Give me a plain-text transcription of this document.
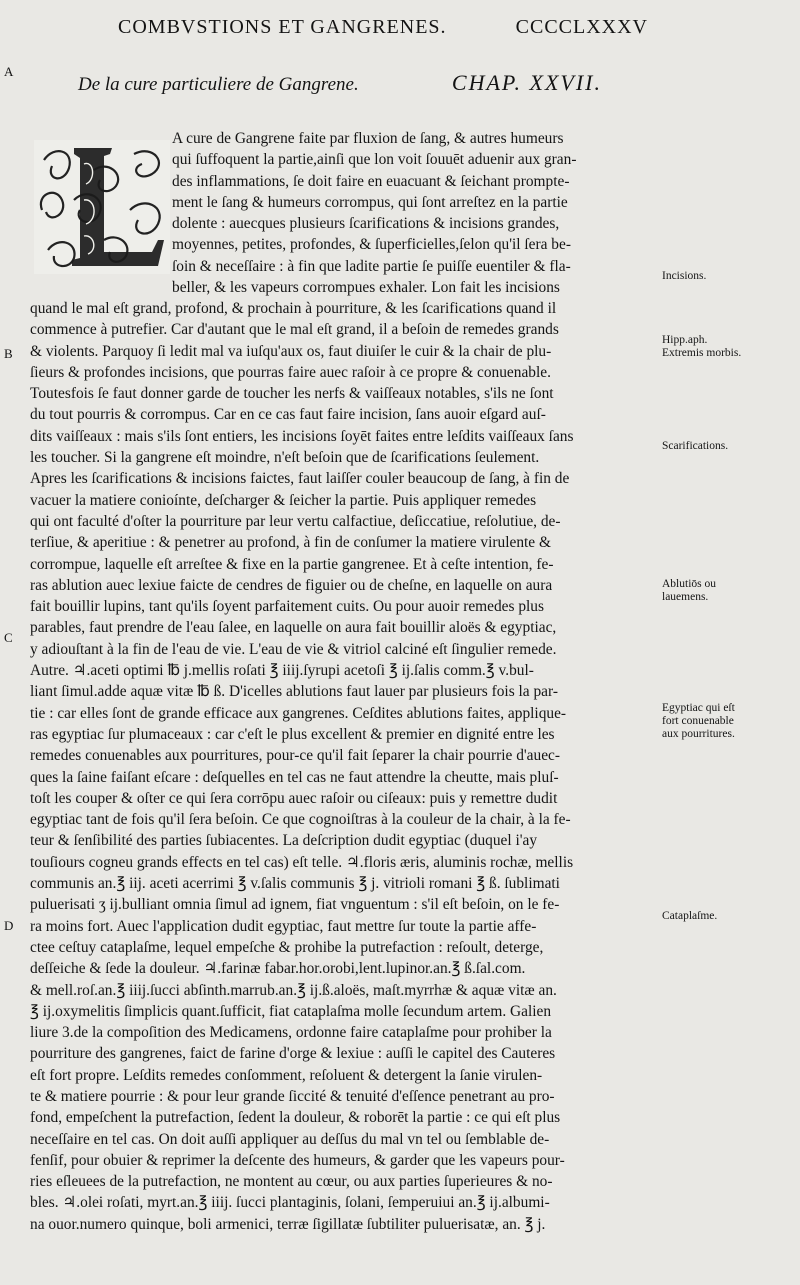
COMBVSTIONS ET GANGRENES.	CCCCLXXXV
A
B
C
D
De la cure particuliere de Gangrene.	CHAP. XXVII.
A cure de Gangrene faite par fluxion de ſang, & autres humeurs
qui ſuffoquent la partie,ainſi que lon voit ſouuēt aduenir aux gran-
des inflammations, ſe doit faire en euacuant & ſeichant prompte-
ment le ſang & humeurs corrompus, qui ſont arreſtez en la partie
dolente : auecques plusieurs ſcarifications & incisions grandes,
moyennes, petites, profondes, & ſuperficielles,ſelon qu'il ſera be-
ſoin & neceſſaire : à fin que ladite partie ſe puiſſe euentiler & fla-
beller, & les vapeurs corrompues exhaler. Lon fait les incisions
quand le mal eſt grand, profond, & prochain à pourriture, & les ſcarifications quand il
commence à putrefier. Car d'autant que le mal eſt grand, il a beſoin de remedes grands
& violents. Parquoy ſi ledit mal va iuſqu'aux os, faut diuiſer le cuir & la chair de plu-
ſieurs & profondes incisions, que pourras faire auec raſoir à ce propre & conuenable.
Toutesfois ſe faut donner garde de toucher les nerfs & vaiſſeaux notables, s'ils ne ſont
du tout pourris & corrompus. Car en ce cas faut faire incision, ſans auoir eſgard auſ-
dits vaiſſeaux : mais s'ils ſont entiers, les incisions ſoyēt faites entre leſdits vaiſſeaux ſans
les toucher. Si la gangrene eſt moindre, n'eſt beſoin que de ſcarifications ſeulement.
Apres les ſcarifications & incisions faictes, faut laiſſer couler beaucoup de ſang, à fin de
vacuer la matiere conioínte, deſcharger & ſeicher la partie. Puis appliquer remedes
qui ont faculté d'oſter la pourriture par leur vertu calfactiue, deſiccatiue, reſolutiue, de-
terſiue, & aperitiue : & penetrer au profond, à fin de conſumer la matiere virulente &
corrompue, laquelle eſt arreſtee & fixe en la partie gangrenee. Et à ceſte intention, fe-
ras ablution auec lexiue faicte de cendres de figuier ou de cheſne, en laquelle on aura
fait bouillir lupins, tant qu'ils ſoyent parfaitement cuits. Ou pour auoir remedes plus
parables, faut prendre de l'eau ſalee, en laquelle on aura fait bouillir aloës & egyptiac,
y adiouſtant à la fin de l'eau de vie. L'eau de vie & vitriol calciné eſt ſingulier remede.
Autre. ♃.aceti optimi ℔ j.mellis roſati ℥ iiij.ſyrupi acetoſi ℥ ij.ſalis comm.℥ v.bul-
liant ſimul.adde aquæ vitæ ℔ ß. D'icelles ablutions faut lauer par plusieurs fois la par-
tie : car elles ſont de grande efficace aux gangrenes. Ceſdites ablutions faites, applique-
ras egyptiac ſur plumaceaux : car c'eſt le plus excellent & premier en dignité entre les
remedes conuenables aux pourritures, pour-ce qu'il fait ſeparer la chair pourrie d'auec-
ques la ſaine faiſant eſcare : deſquelles en tel cas ne faut attendre la cheutte, mais pluſ-
toſt les couper & oſter ce qui ſera corrōpu auec raſoir ou ciſeaux: puis y remettre dudit
egyptiac tant de fois qu'il ſera beſoin. Ce que cognoiſtras à la couleur de la chair, à la fe-
teur & ſenſibilité des parties ſubiacentes. La deſcription dudit egyptiac (duquel i'ay
touſiours cogneu grands effects en tel cas) eſt telle. ♃.floris æris, aluminis rochæ, mellis
communis an.℥ iij. aceti acerrimi ℥ v.ſalis communis ℥ j. vitrioli romani ℥ ß. ſublimati
puluerisati ʒ ij.bulliant omnia ſimul ad ignem, fiat vnguentum : s'il eſt beſoin, on le fe-
ra moins fort. Auec l'application dudit egyptiac, faut mettre ſur toute la partie affe-
ctee ceſtuy cataplaſme, lequel empeſche & prohibe la putrefaction : reſoult, deterge,
deſſeiche & ſede la douleur. ♃.farinæ fabar.hor.orobi,lent.lupinor.an.℥ ß.ſal.com.
& mell.roſ.an.℥ iiij.ſucci abſinth.marrub.an.℥ ij.ß.aloës, maſt.myrrhæ & aquæ vitæ an.
℥ ij.oxymelitis ſimplicis quant.ſufficit, fiat cataplaſma molle ſecundum artem. Galien
liure 3.de la compoſition des Medicamens, ordonne faire cataplaſme pour prohiber la
pourriture des gangrenes, faict de farine d'orge & lexiue : auſſi le capitel des Cauteres
eſt fort propre. Leſdits remedes conſomment, reſoluent & detergent la ſanie virulen-
te & matiere pourrie : & pour leur grande ſiccité & tenuité d'eſſence penetrant au pro-
fond, empeſchent la putrefaction, ſedent la douleur, & roborēt la partie : ce qui eſt plus
neceſſaire en tel cas. On doit auſſi appliquer au deſſus du mal vn tel ou ſemblable de-
fenſif, pour obuier & reprimer la deſcente des humeurs, & garder que les vapeurs pour-
ries eſleuees de la putrefaction, ne montent au cœur, ou aux parties ſuperieures & no-
bles. ♃.olei roſati, myrt.an.℥ iiij. ſucci plantaginis, ſolani, ſemperuiui an.℥ ij.albumi-
na ouor.numero quinque, boli armenici, terræ ſigillatæ ſubtiliter puluerisatæ, an. ℥ j.
Incisions.
Hipp.aph. Extremis morbis.
Scarifications.
Ablutiōs ou lauemens.
Egyptiac qui eſt fort conuenable aux pourritures.
Cataplaſme.
